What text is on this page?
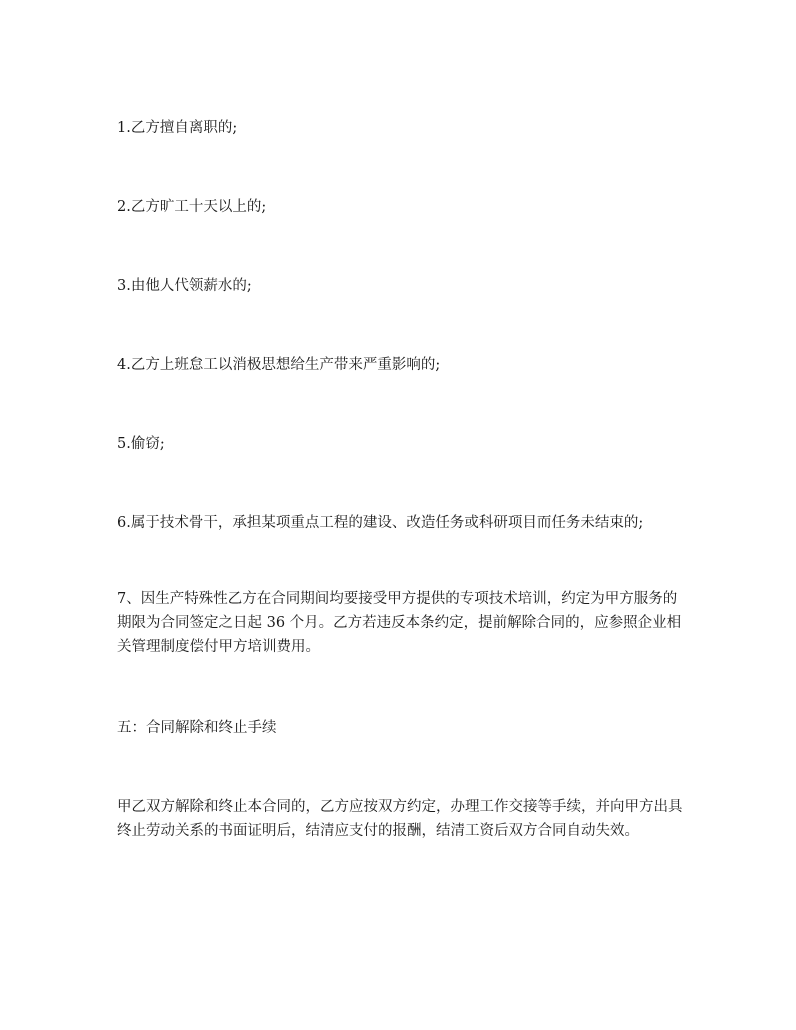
1.乙方擅自离职的;

2.乙方旷工十天以上的;

3.由他人代领薪水的;

4.乙方上班怠工以消极思想给生产带来严重影响的;

5.偷窃;

6.属于技术骨干，承担某项重点工程的建设、改造任务或科研项目而任务未结束的;

7、因生产特殊性乙方在合同期间均要接受甲方提供的专项技术培训，约定为甲方服务的期限为合同签定之日起 36 个月。乙方若违反本条约定，提前解除合同的，应参照企业相关管理制度偿付甲方培训费用。

五：合同解除和终止手续

甲乙双方解除和终止本合同的，乙方应按双方约定，办理工作交接等手续，并向甲方出具终止劳动关系的书面证明后，结清应支付的报酬，结清工资后双方合同自动失效。
